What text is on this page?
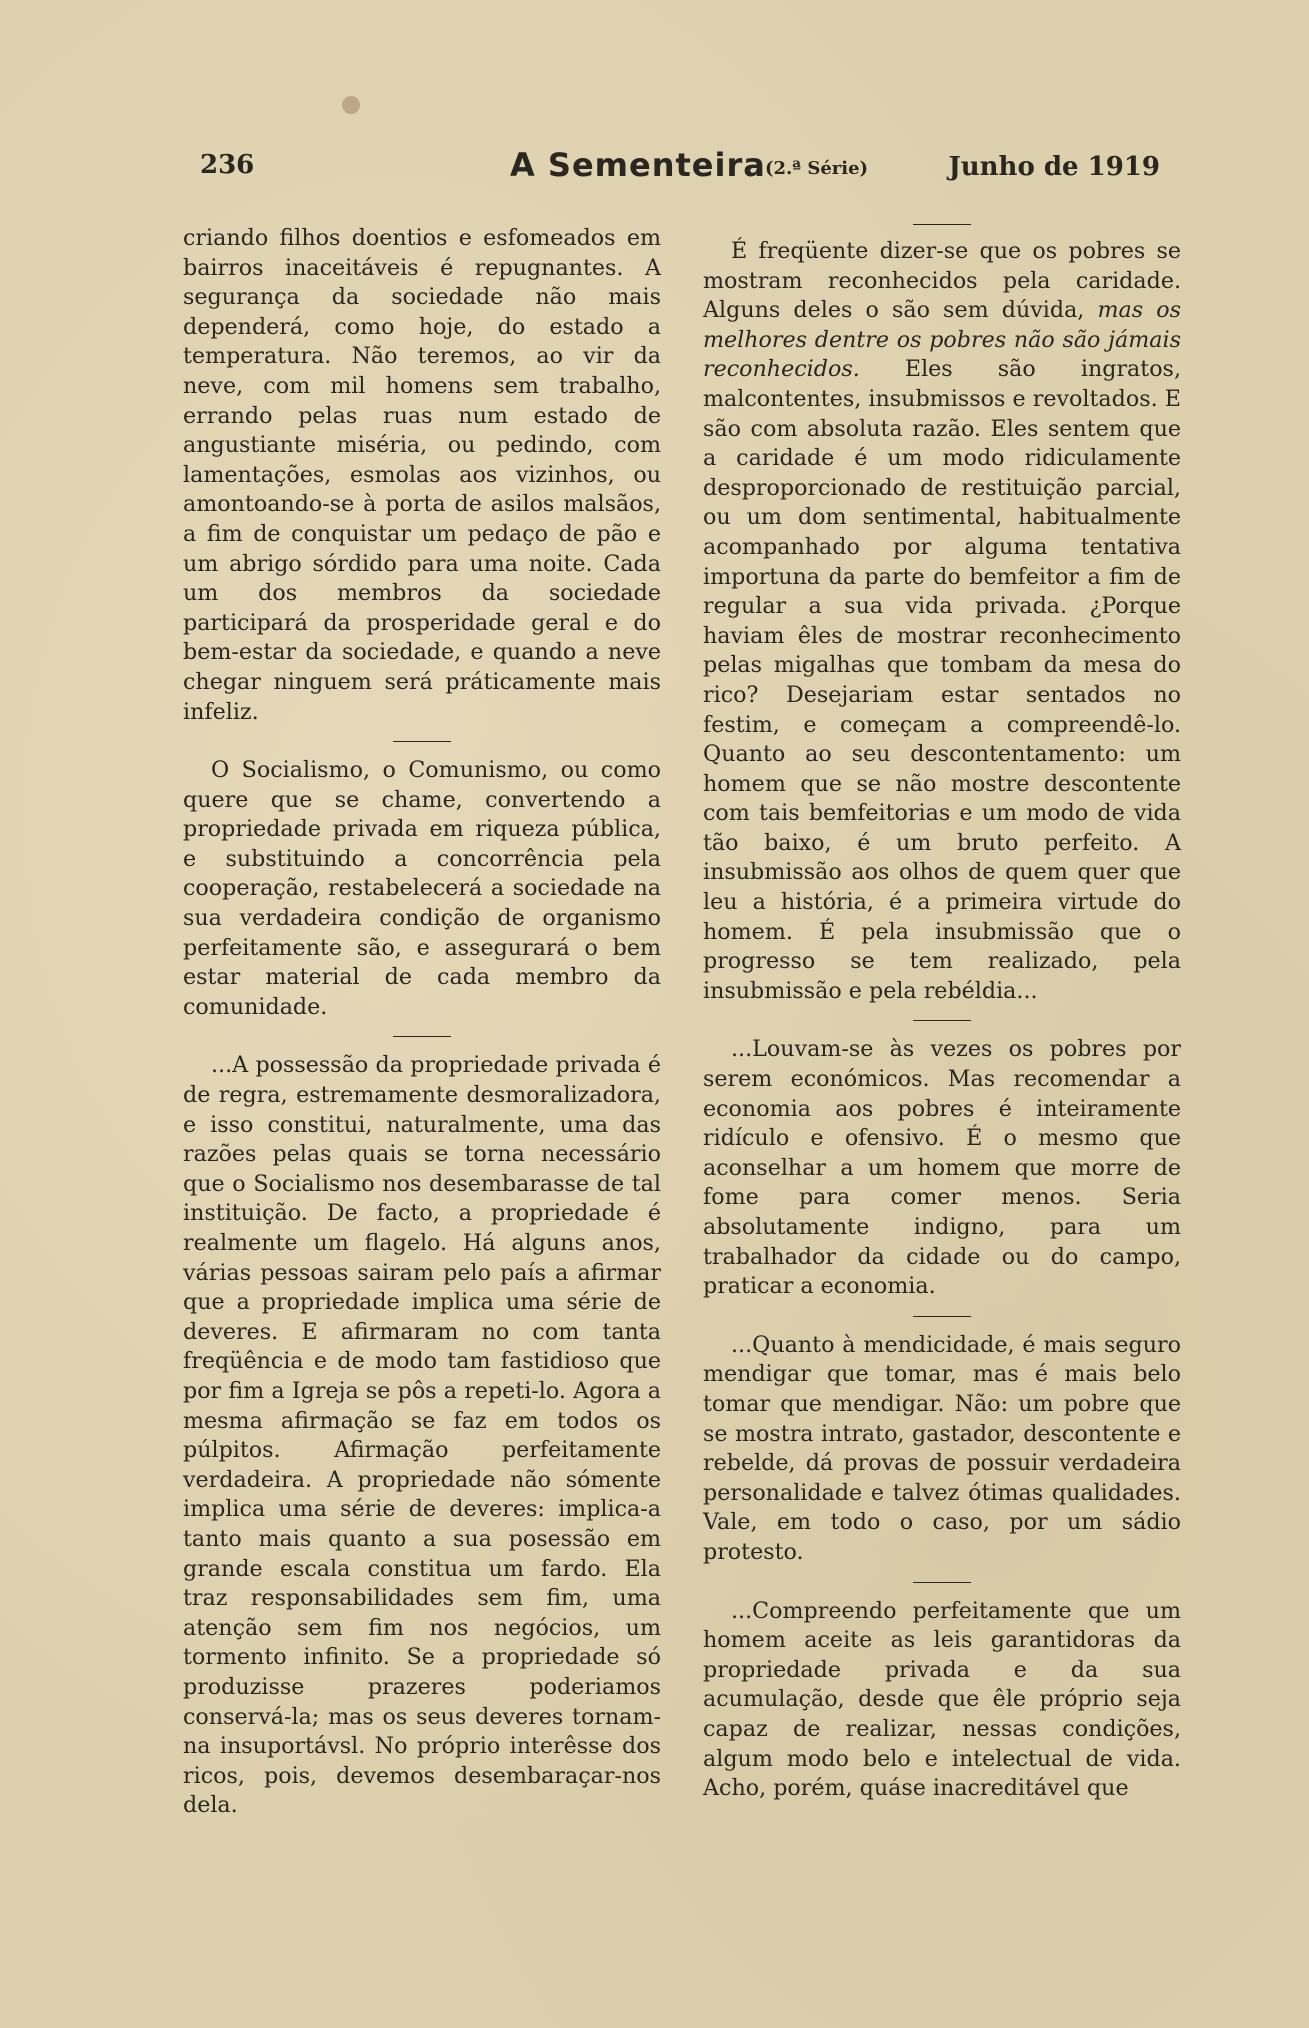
236	A Sementeira (2.ª Série)	Junho de 1919

criando filhos doentios e esfomeados em bairros inaceitáveis é repugnantes. A segurança da sociedade não mais dependerá, como hoje, do estado a temperatura. Não teremos, ao vir da neve, com mil homens sem trabalho, errando pelas ruas num estado de angustiante miséria, ou pedindo, com lamentações, esmolas aos vizinhos, ou amontoando-se à porta de asilos malsãos, a fim de conquistar um pedaço de pão e um abrigo sórdido para uma noite. Cada um dos membros da sociedade participará da prosperidade geral e do bem-estar da sociedade, e quando a neve chegar ninguem será práticamente mais infeliz.

O Socialismo, o Comunismo, ou como quere que se chame, convertendo a propriedade privada em riqueza pública, e substituindo a concorrência pela cooperação, restabelecerá a sociedade na sua verdadeira condição de organismo perfeitamente são, e assegurará o bem estar material de cada membro da comunidade.

...A possessão da propriedade privada é de regra, estremamente desmoralizadora, e isso constitui, naturalmente, uma das razões pelas quais se torna necessário que o Socialismo nos desembarasse de tal instituição. De facto, a propriedade é realmente um flagelo. Há alguns anos, várias pessoas sairam pelo país a afirmar que a propriedade implica uma série de deveres. E afirmaram no com tanta freqüência e de modo tam fastidioso que por fim a Igreja se pôs a repeti-lo. Agora a mesma afirmação se faz em todos os púlpitos. Afirmação perfeitamente verdadeira. A propriedade não sómente implica uma série de deveres: implica-a tanto mais quanto a sua posessão em grande escala constitua um fardo. Ela traz responsabilidades sem fim, uma atenção sem fim nos negócios, um tormento infinito. Se a propriedade só produzisse prazeres poderiamos conservá-la; mas os seus deveres tornam-na insuportávsl. No próprio interêsse dos ricos, pois, devemos desembaraçar-nos dela.

É freqüente dizer-se que os pobres se mostram reconhecidos pela caridade. Alguns deles o são sem dúvida, mas os melhores dentre os pobres não são jámais reconhecidos. Eles são ingratos, malcontentes, insubmissos e revoltados. E são com absoluta razão. Eles sentem que a caridade é um modo ridiculamente desproporcionado de restituição parcial, ou um dom sentimental, habitualmente acompanhado por alguma tentativa importuna da parte do bemfeitor a fim de regular a sua vida privada. ¿Porque haviam êles de mostrar reconhecimento pelas migalhas que tombam da mesa do rico? Desejariam estar sentados no festim, e começam a compreendê-lo. Quanto ao seu descontentamento: um homem que se não mostre descontente com tais bemfeitorias e um modo de vida tão baixo, é um bruto perfeito. A insubmissão aos olhos de quem quer que leu a história, é a primeira virtude do homem. É pela insubmissão que o progresso se tem realizado, pela insubmissão e pela rebéldia...

...Louvam-se às vezes os pobres por serem económicos. Mas recomendar a economia aos pobres é inteiramente ridículo e ofensivo. É o mesmo que aconselhar a um homem que morre de fome para comer menos. Seria absolutamente indigno, para um trabalhador da cidade ou do campo, praticar a economia.

...Quanto à mendicidade, é mais seguro mendigar que tomar, mas é mais belo tomar que mendigar. Não: um pobre que se mostra intrato, gastador, descontente e rebelde, dá provas de possuir verdadeira personalidade e talvez ótimas qualidades. Vale, em todo o caso, por um sádio protesto.

...Compreendo perfeitamente que um homem aceite as leis garantidoras da propriedade privada e da sua acumulação, desde que êle próprio seja capaz de realizar, nessas condições, algum modo belo e intelectual de vida. Acho, porém, quáse inacreditável que
